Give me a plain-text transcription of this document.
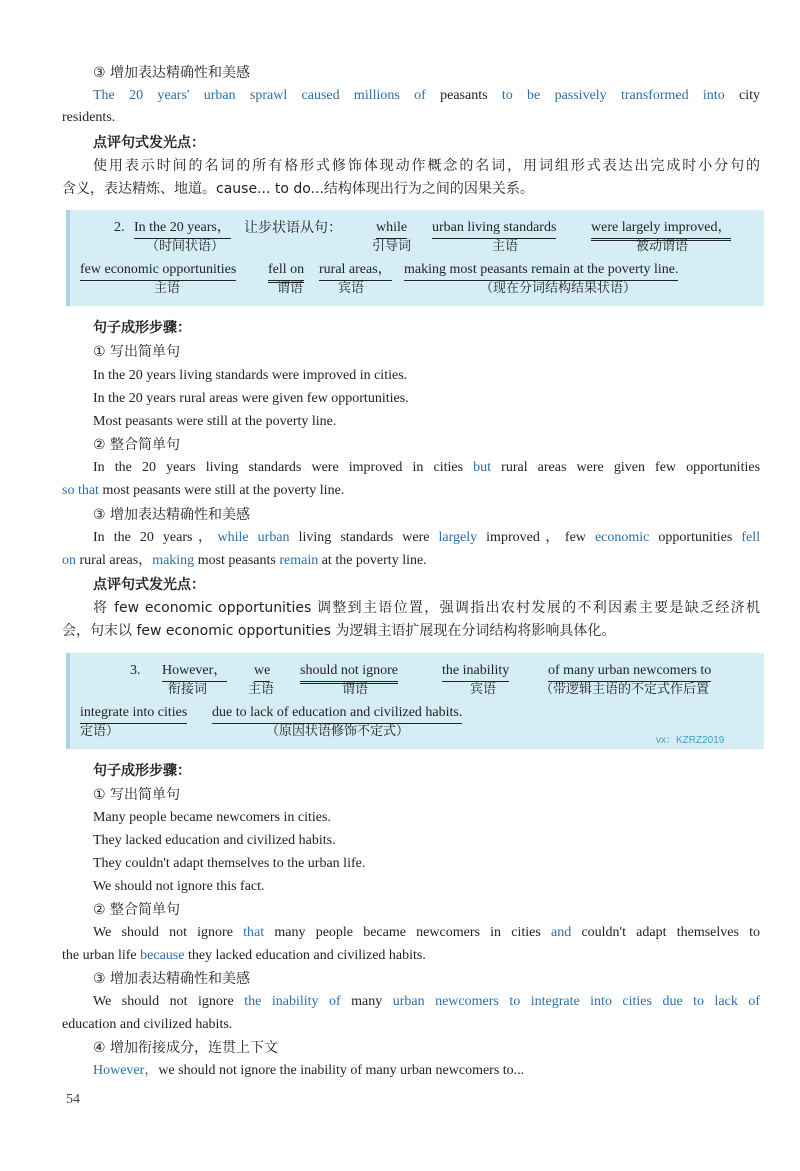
③ 增加表达精确性和美感
The 20 years' urban sprawl caused millions of peasants to be passively transformed into city
residents.
点评句式发光点：
使用表示时间的名词的所有格形式修饰体现动作概念的名词，用词组形式表达出完成时小分句的
含义，表达精炼、地道。cause... to do...结构体现出行为之间的因果关系。
2. In the 20 years，
（时间状语）
让步状语从句： while
引导词
urban living standards
主语
were largely improved，
被动谓语
few economic opportunities
主语
fell on
谓语
rural areas，
宾语
making most peasants remain at the poverty line.
（现在分词结构结果状语）
句子成形步骤：
① 写出简单句
In the 20 years living standards were improved in cities.
In the 20 years rural areas were given few opportunities.
Most peasants were still at the poverty line.
② 整合简单句
In the 20 years living standards were improved in cities but rural areas were given few opportunities
so that most peasants were still at the poverty line.
③ 增加表达精确性和美感
In the 20 years，while urban living standards were largely improved，few economic opportunities fell
on rural areas，making most peasants remain at the poverty line.
点评句式发光点：
将 few economic opportunities 调整到主语位置，强调指出农村发展的不利因素主要是缺乏经济机
会，句末以 few economic opportunities 为逻辑主语扩展现在分词结构将影响具体化。
3. However，
衔接词
we
主语
should not ignore
谓语
the inability
宾语
of many urban newcomers to
（带逻辑主语的不定式作后置
integrate into cities
定语）
due to lack of education and civilized habits.
（原因状语修饰不定式）
vx：KZRZ2019
句子成形步骤：
① 写出简单句
Many people became newcomers in cities.
They lacked education and civilized habits.
They couldn't adapt themselves to the urban life.
We should not ignore this fact.
② 整合简单句
We should not ignore that many people became newcomers in cities and couldn't adapt themselves to
the urban life because they lacked education and civilized habits.
③ 增加表达精确性和美感
We should not ignore the inability of many urban newcomers to integrate into cities due to lack of
education and civilized habits.
④ 增加衔接成分，连贯上下文
However，we should not ignore the inability of many urban newcomers to...
54
